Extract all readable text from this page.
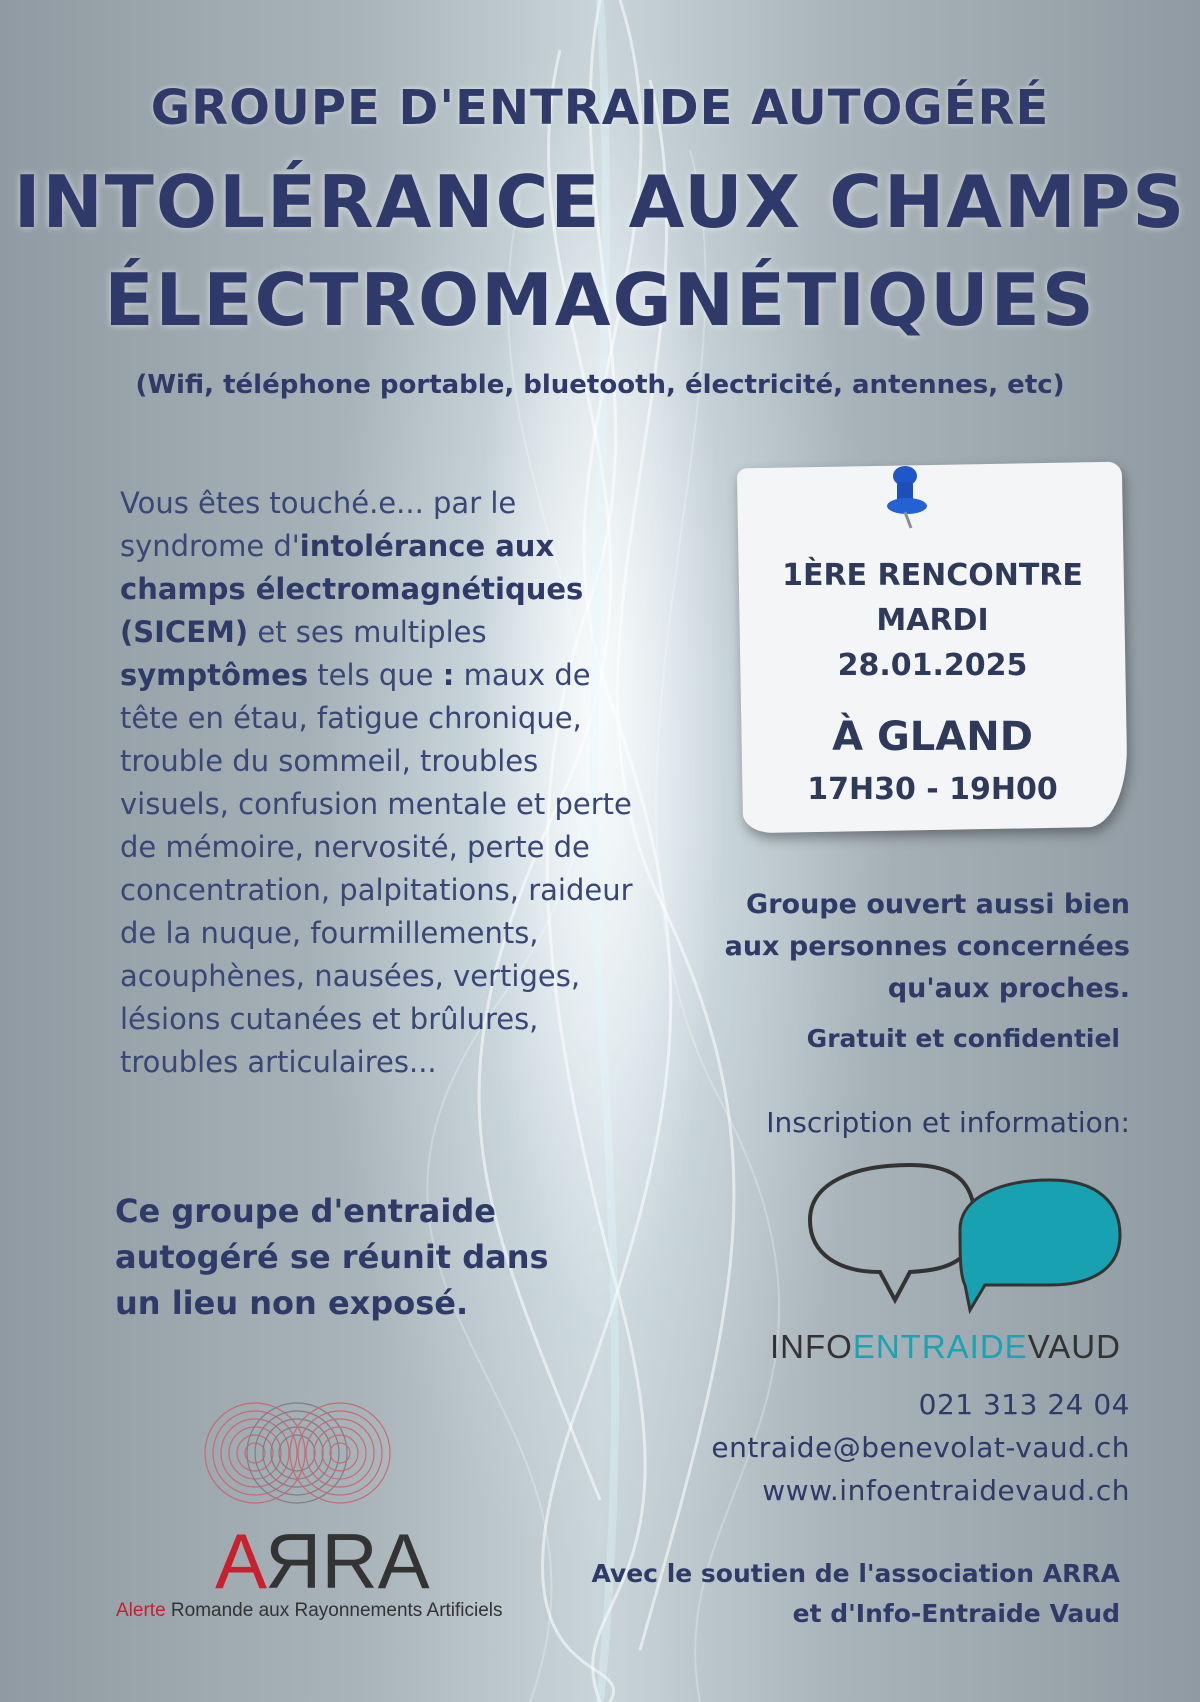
GROUPE D'ENTRAIDE AUTOGÉRÉ
INTOLÉRANCE AUX CHAMPS
ÉLECTROMAGNÉTIQUES
(Wifi, téléphone portable, bluetooth, électricité, antennes, etc)
Vous êtes touché.e... par le syndrome d'intolérance aux champs électromagnétiques (SICEM) et ses multiples symptômes tels que : maux de tête en étau, fatigue chronique, trouble du sommeil, troubles visuels, confusion mentale et perte de mémoire, nervosité, perte de concentration, palpitations, raideur de la nuque, fourmillements, acouphènes, nausées, vertiges, lésions cutanées et brûlures, troubles articulaires...
Ce groupe d'entraide autogéré se réunit dans un lieu non exposé.
1ÈRE RENCONTRE
MARDI
28.01.2025
À GLAND
17H30 - 19H00
Groupe ouvert aussi bien
aux personnes concernées
qu'aux proches.
Gratuit et confidentiel
Inscription et information:
INFOENTRAIDEVAUD
021 313 24 04
entraide@benevolat-vaud.ch
www.infoentraidevaud.ch
Avec le soutien de l'association ARRA
et d'Info-Entraide Vaud
A
ЯRA
Alerte Romande aux Rayonnements Artificiels
